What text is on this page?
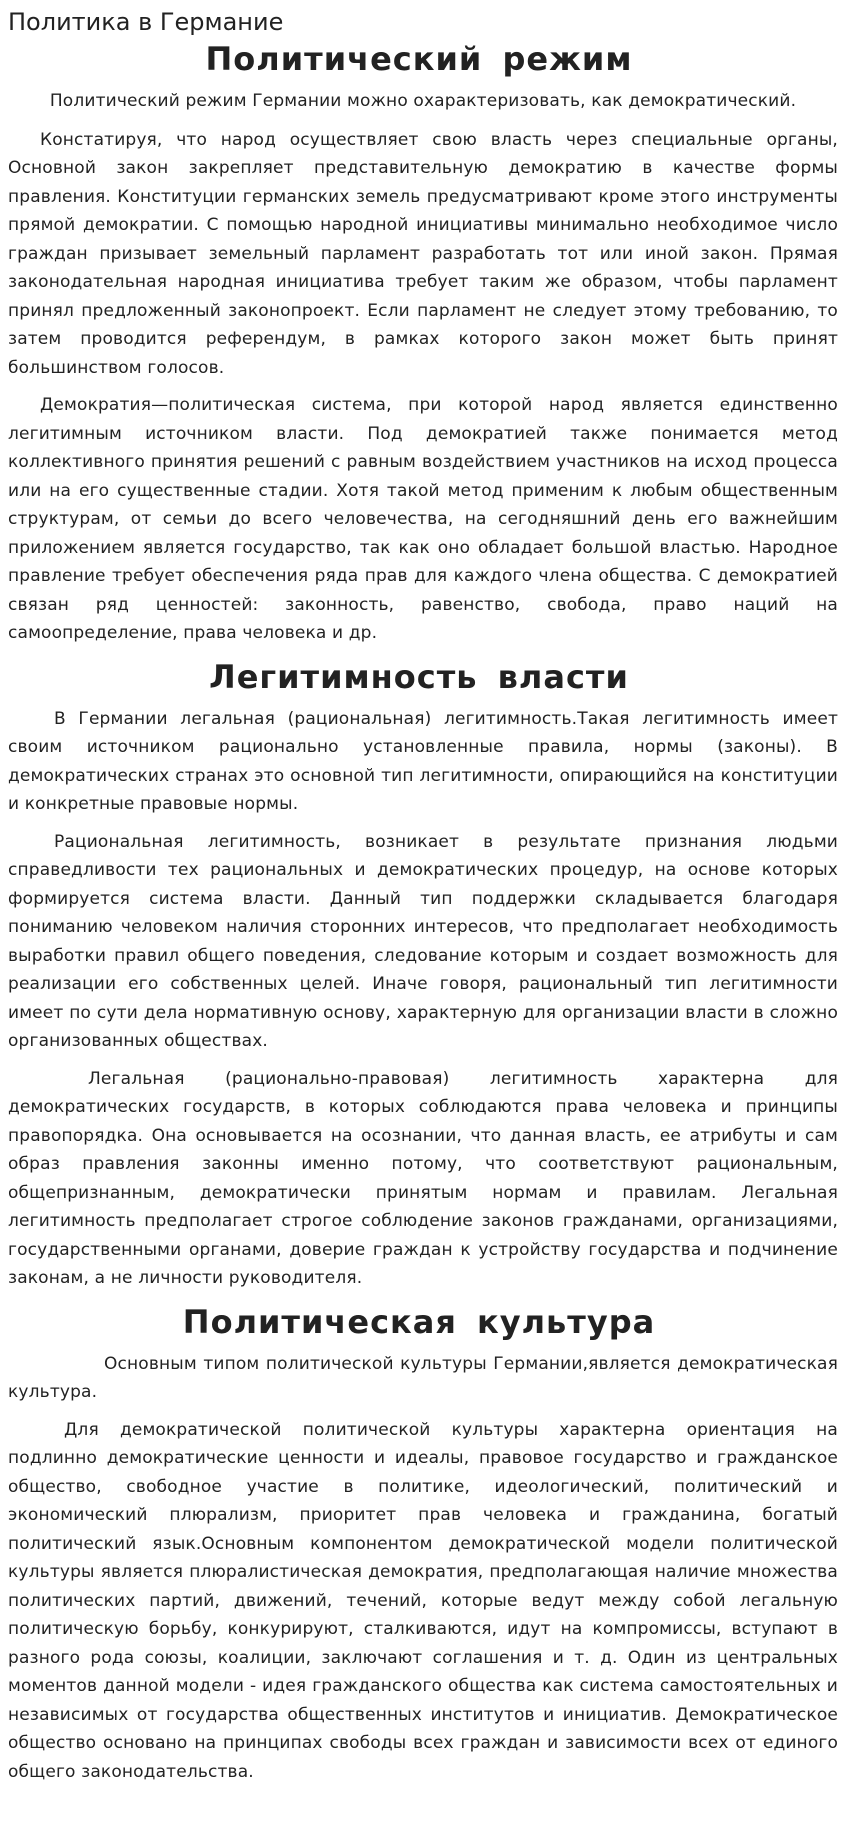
Политика в Германие
Политический режим

Политический режим Германии можно охарактеризовать, как демократический.

Констатируя, что народ осуществляет свою власть через специальные органы, Основной закон закрепляет представительную демократию в качестве формы правления. Конституции германских земель предусматривают кроме этого инструменты прямой демократии. С помощью народной инициативы минимально необходимое число граждан призывает земельный парламент разработать тот или иной закон. Прямая законодательная народная инициатива требует таким же образом, чтобы парламент принял предложенный законопроект. Если парламент не следует этому требованию, то затем проводится референдум, в рамках которого закон может быть принят большинством голосов.

Демократия—политическая система, при которой народ является единственно легитимным источником власти. Под демократией также понимается метод коллективного принятия решений с равным воздействием участников на исход процесса или на его существенные стадии. Хотя такой метод применим к любым общественным структурам, от семьи до всего человечества, на сегодняшний день его важнейшим приложением является государство, так как оно обладает большой властью. Народное правление требует обеспечения ряда прав для каждого члена общества. С демократией связан ряд ценностей: законность, равенство, свобода, право наций на самоопределение, права человека и др.

Легитимность власти

В Германии легальная (рациональная) легитимность.Такая легитимность имеет своим источником рационально установленные правила, нормы (законы). В демократических странах это основной тип легитимности, опирающийся на конституции и конкретные правовые нормы.

Рациональная легитимность, возникает в результате признания людьми справедливости тех рациональных и демократических процедур, на основе которых формируется система власти. Данный тип поддержки складывается благодаря пониманию человеком наличия сторонних интересов, что предполагает необходимость выработки правил общего поведения, следование которым и создает возможность для реализации его собственных целей. Иначе говоря, рациональный тип легитимности имеет по сути дела нормативную основу, характерную для организации власти в сложно организованных обществах.

Легальная (рационально-правовая) легитимность характерна для демократических государств, в которых соблюдаются права человека и принципы правопорядка. Она основывается на осознании, что данная власть, ее атрибуты и сам образ правления законны именно потому, что соответствуют рациональным, общепризнанным, демократически принятым нормам и правилам. Легальная легитимность предполагает строгое соблюдение законов гражданами, организациями, государственными органами, доверие граждан к устройству государства и подчинение законам, а не личности руководителя.

Политическая культура

Основным типом политической культуры Германии,является демократическая культура.

Для демократической политической культуры характерна ориентация на подлинно демократические ценности и идеалы, правовое государство и гражданское общество, свободное участие в политике, идеологический, политический и экономический плюрализм, приоритет прав человека и гражданина, богатый политический язык.Основным компонентом демократической модели политической культуры является плюралистическая демократия, предполагающая наличие множества политических партий, движений, течений, которые ведут между собой легальную политическую борьбу, конкурируют, сталкиваются, идут на компромиссы, вступают в разного рода союзы, коалиции, заключают соглашения и т. д. Один из центральных моментов данной модели - идея гражданского общества как система самостоятельных и независимых от государства общественных институтов и инициатив. Демократическое общество основано на принципах свободы всех граждан и зависимости всех от единого общего законодательства.
